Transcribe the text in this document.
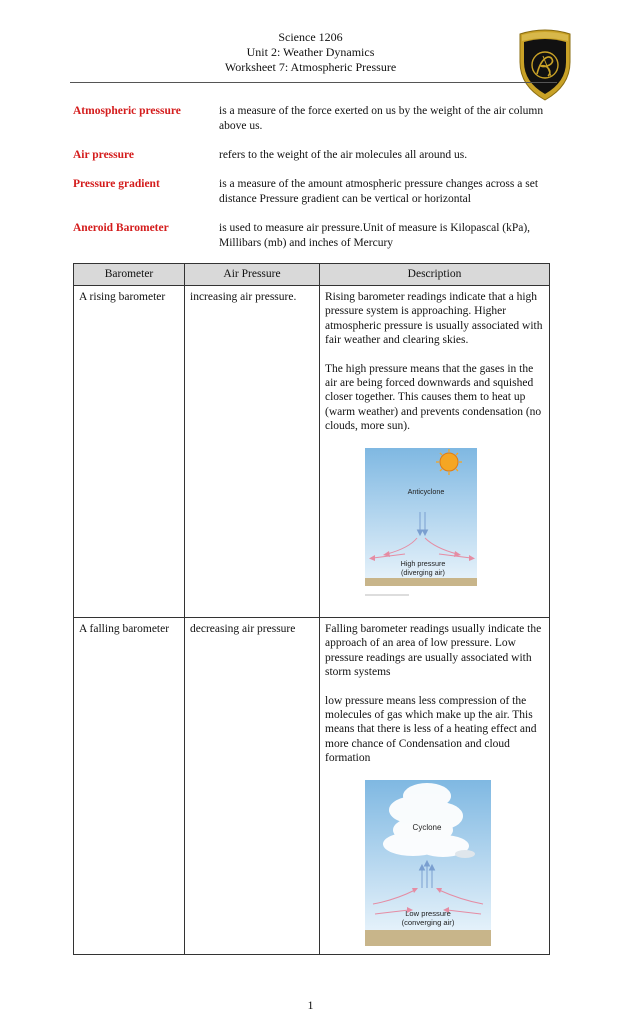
Science 1206
Unit 2: Weather Dynamics
Worksheet 7: Atmospheric Pressure
Atmospheric pressure	is a measure of the force exerted on us by the weight of the air column above us.
Air pressure	refers to the weight of the air molecules all around us.
Pressure gradient	is a measure of the amount atmospheric pressure changes across a set distance Pressure gradient can be vertical or horizontal
Aneroid Barometer	is used to measure air pressure.Unit of measure is Kilopascal (kPa), Millibars (mb) and inches of Mercury
Barometer	Air Pressure	Description
A rising barometer	increasing air pressure.	Rising barometer readings indicate that a high pressure system is approaching. Higher atmospheric pressure is usually associated with fair weather and clearing skies.

The high pressure means that the gases in the air are being forced downwards and squished closer together. This causes them to heat up (warm weather) and prevents condensation (no clouds, more sun).

Anticyclone
High pressure
(diverging air)

A falling barometer	decreasing air pressure	Falling barometer readings usually indicate the approach of an area of low pressure. Low pressure readings are usually associated with storm systems

low pressure means less compression of the molecules of gas which make up the air. This means that there is less of a heating effect and more chance of Condensation and cloud formation

Cyclone
Low pressure
(converging air)
1
